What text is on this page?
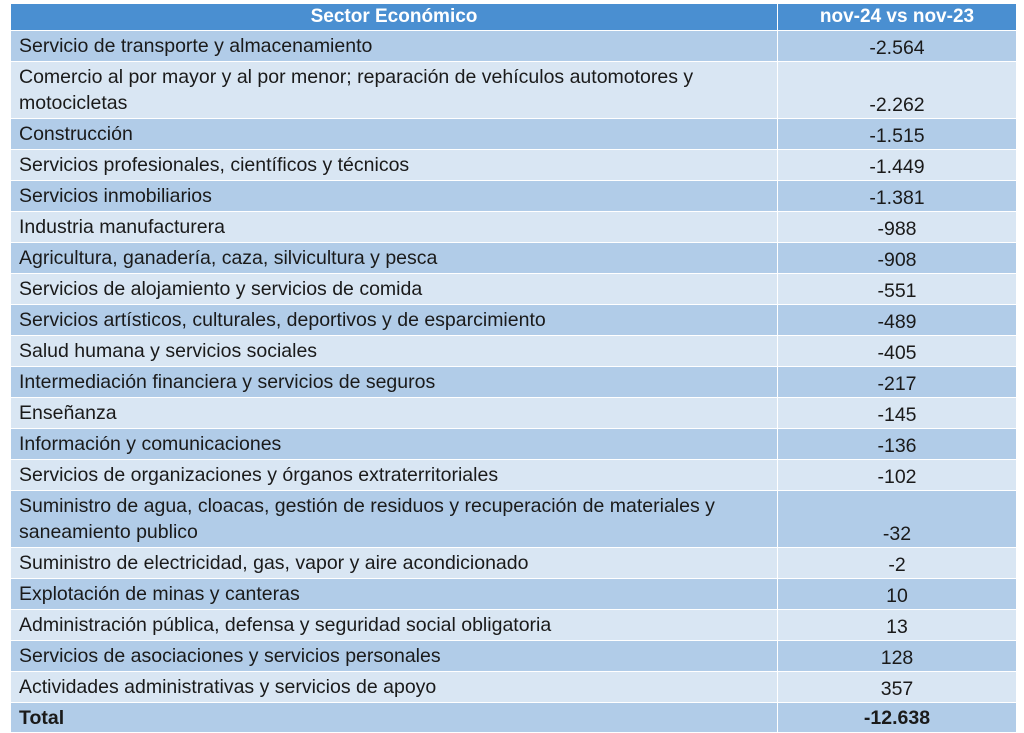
Sector Económico	nov-24 vs nov-23
Servicio de transporte y almacenamiento	-2.564
Comercio al por mayor y al por menor; reparación de vehículos automotores y motocicletas	-2.262
Construcción	-1.515
Servicios profesionales, científicos y técnicos	-1.449
Servicios inmobiliarios	-1.381
Industria manufacturera	-988
Agricultura, ganadería, caza, silvicultura y pesca	-908
Servicios de alojamiento y servicios de comida	-551
Servicios artísticos, culturales, deportivos y de esparcimiento	-489
Salud humana y servicios sociales	-405
Intermediación financiera y servicios de seguros	-217
Enseñanza	-145
Información y comunicaciones	-136
Servicios de organizaciones y órganos extraterritoriales	-102
Suministro de agua, cloacas, gestión de residuos y recuperación de materiales y saneamiento publico	-32
Suministro de electricidad, gas, vapor y aire acondicionado	-2
Explotación de minas y canteras	10
Administración pública, defensa y seguridad social obligatoria	13
Servicios de asociaciones y servicios personales	128
Actividades administrativas y servicios de apoyo	357
Total	-12.638
